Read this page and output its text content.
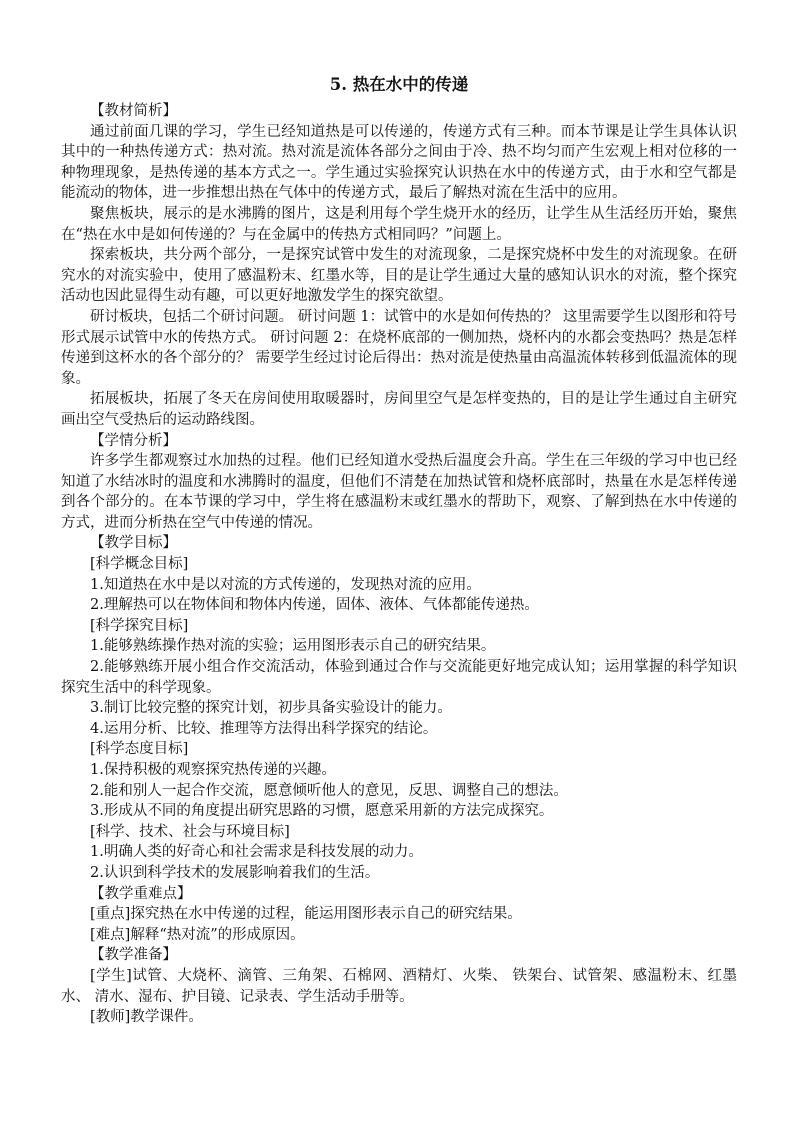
5. 热在水中的传递

【教材简析】

通过前面几课的学习，学生已经知道热是可以传递的，传递方式有三种。而本节课是让学生具体认识其中的一种热传递方式：热对流。热对流是流体各部分之间由于冷、热不均匀而产生宏观上相对位移的一种物理现象，是热传递的基本方式之一。学生通过实验探究认识热在水中的传递方式，由于水和空气都是能流动的物体，进一步推想出热在气体中的传递方式，最后了解热对流在生活中的应用。

聚焦板块，展示的是水沸腾的图片，这是利用每个学生烧开水的经历，让学生从生活经历开始，聚焦在“热在水中是如何传递的？与在金属中的传热方式相同吗？”问题上。

探索板块，共分两个部分，一是探究试管中发生的对流现象，二是探究烧杯中发生的对流现象。在研究水的对流实验中，使用了感温粉末、红墨水等，目的是让学生通过大量的感知认识水的对流，整个探究活动也因此显得生动有趣，可以更好地激发学生的探究欲望。

研讨板块，包括二个研讨问题。 研讨问题 1：试管中的水是如何传热的？ 这里需要学生以图形和符号形式展示试管中水的传热方式。 研讨问题 2：在烧杯底部的一侧加热，烧杯内的水都会变热吗？热是怎样传递到这杯水的各个部分的？ 需要学生经过讨论后得出：热对流是使热量由高温流体转移到低温流体的现象。

拓展板块，拓展了冬天在房间使用取暖器时，房间里空气是怎样变热的，目的是让学生通过自主研究画出空气受热后的运动路线图。

【学情分析】

许多学生都观察过水加热的过程。他们已经知道水受热后温度会升高。学生在三年级的学习中也已经知道了水结冰时的温度和水沸腾时的温度，但他们不清楚在加热试管和烧杯底部时，热量在水是怎样传递到各个部分的。在本节课的学习中，学生将在感温粉末或红墨水的帮助下，观察、了解到热在水中传递的方式，进而分析热在空气中传递的情况。

【教学目标】

[科学概念目标]

1.知道热在水中是以对流的方式传递的，发现热对流的应用。

2.理解热可以在物体间和物体内传递，固体、液体、气体都能传递热。

[科学探究目标]

1.能够熟练操作热对流的实验；运用图形表示自己的研究结果。

2.能够熟练开展小组合作交流活动，体验到通过合作与交流能更好地完成认知；运用掌握的科学知识探究生活中的科学现象。

3.制订比较完整的探究计划，初步具备实验设计的能力。

4.运用分析、比较、推理等方法得出科学探究的结论。

[科学态度目标]

1.保持积极的观察探究热传递的兴趣。

2.能和别人一起合作交流，愿意倾听他人的意见，反思、调整自己的想法。

3.形成从不同的角度提出研究思路的习惯，愿意采用新的方法完成探究。

[科学、技术、社会与环境目标]

1.明确人类的好奇心和社会需求是科技发展的动力。

2.认识到科学技术的发展影响着我们的生活。

【教学重难点】

[重点]探究热在水中传递的过程，能运用图形表示自己的研究结果。

[难点]解释“热对流”的形成原因。

【教学准备】

[学生]试管、大烧杯、滴管、三角架、石棉网、酒精灯、火柴、 铁架台、试管架、感温粉末、红墨水、 清水、湿布、护目镜、记录表、学生活动手册等。

[教师]教学课件。
